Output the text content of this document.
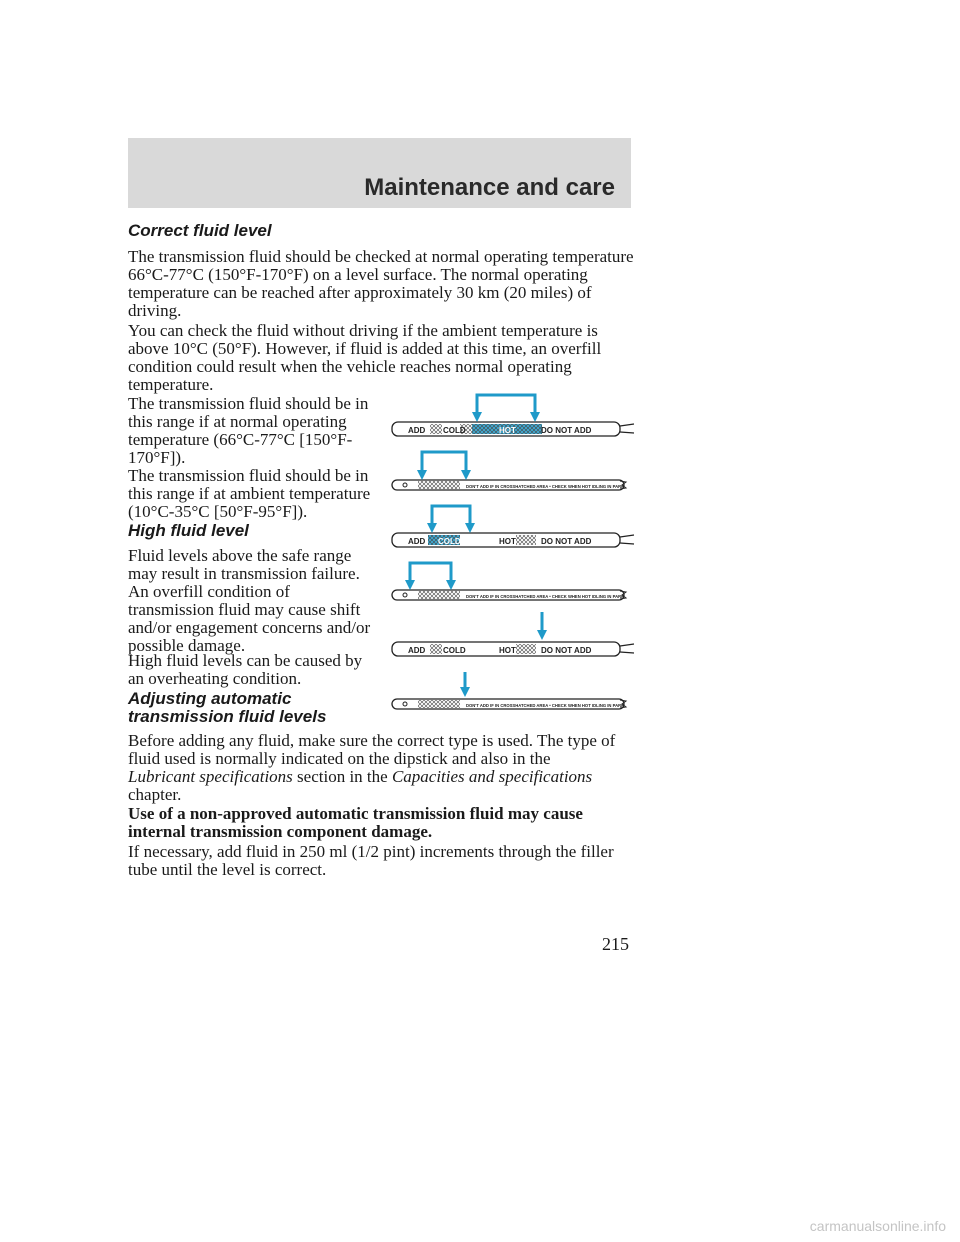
Maintenance and care
Correct fluid level

The transmission fluid should be checked at normal operating temperature 66°C-77°C (150°F-170°F) on a level surface. The normal operating temperature can be reached after approximately 30 km (20 miles) of driving.

You can check the fluid without driving if the ambient temperature is above 10°C (50°F). However, if fluid is added at this time, an overfill condition could result when the vehicle reaches normal operating temperature.

The transmission fluid should be in this range if at normal operating temperature (66°C-77°C [150°F-170°F]).

The transmission fluid should be in this range if at ambient temperature (10°C-35°C [50°F-95°F]).

High fluid level

Fluid levels above the safe range may result in transmission failure. An overfill condition of transmission fluid may cause shift and/or engagement concerns and/or possible damage.

High fluid levels can be caused by an overheating condition.

Adjusting automatic
transmission fluid levels

Before adding any fluid, make sure the correct type is used. The type of fluid used is normally indicated on the dipstick and also in the
Lubricant specifications section in the Capacities and specifications
chapter.

Use of a non-approved automatic transmission fluid may cause internal transmission component damage.

If necessary, add fluid in 250 ml (1/2 pint) increments through the filler tube until the level is correct.

ADD COLD	HOT	DO NOT ADD
DON'T ADD IF IN CROSSHATCHED AREA • CHECK WHEN HOT IDLING IN PARK
ADD COLD	HOT	DO NOT ADD
DON'T ADD IF IN CROSSHATCHED AREA • CHECK WHEN HOT IDLING IN PARK
ADD COLD	HOT	DO NOT ADD
DON'T ADD IF IN CROSSHATCHED AREA • CHECK WHEN HOT IDLING IN PARK
215
carmanualsonline.info
